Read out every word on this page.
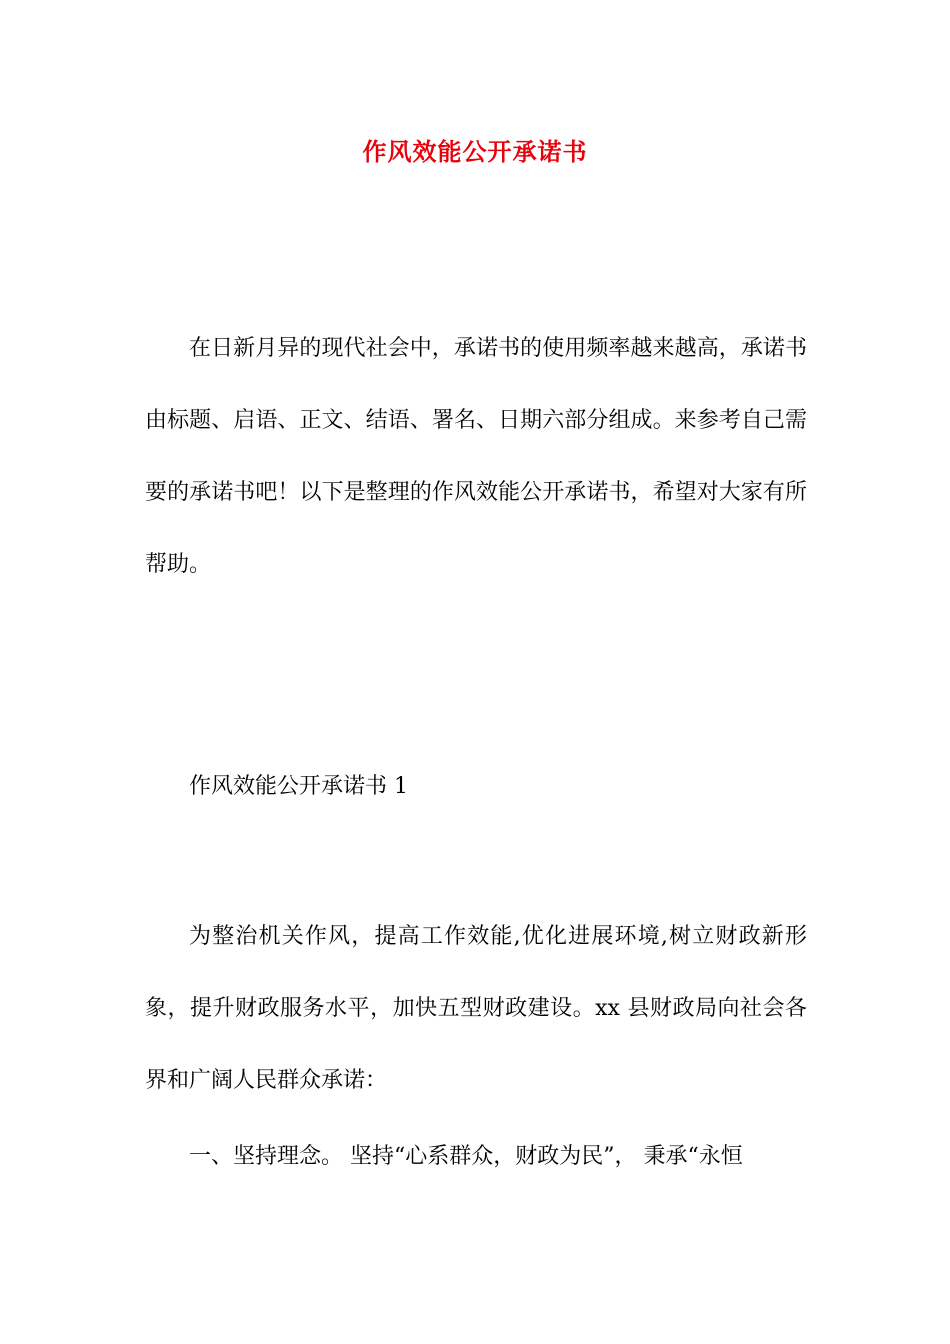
作风效能公开承诺书

在日新月异的现代社会中，承诺书的使用频率越来越高，承诺书由标题、启语、正文、结语、署名、日期六部分组成。来参考自己需要的承诺书吧！以下是整理的作风效能公开承诺书，希望对大家有所帮助。

作风效能公开承诺书 1

为整治机关作风，提高工作效能,优化进展环境,树立财政新形象，提升财政服务水平，加快五型财政建设。xx 县财政局向社会各界和广阔人民群众承诺：

一、坚持理念。 坚持“心系群众，财政为民”， 秉承“永恒
